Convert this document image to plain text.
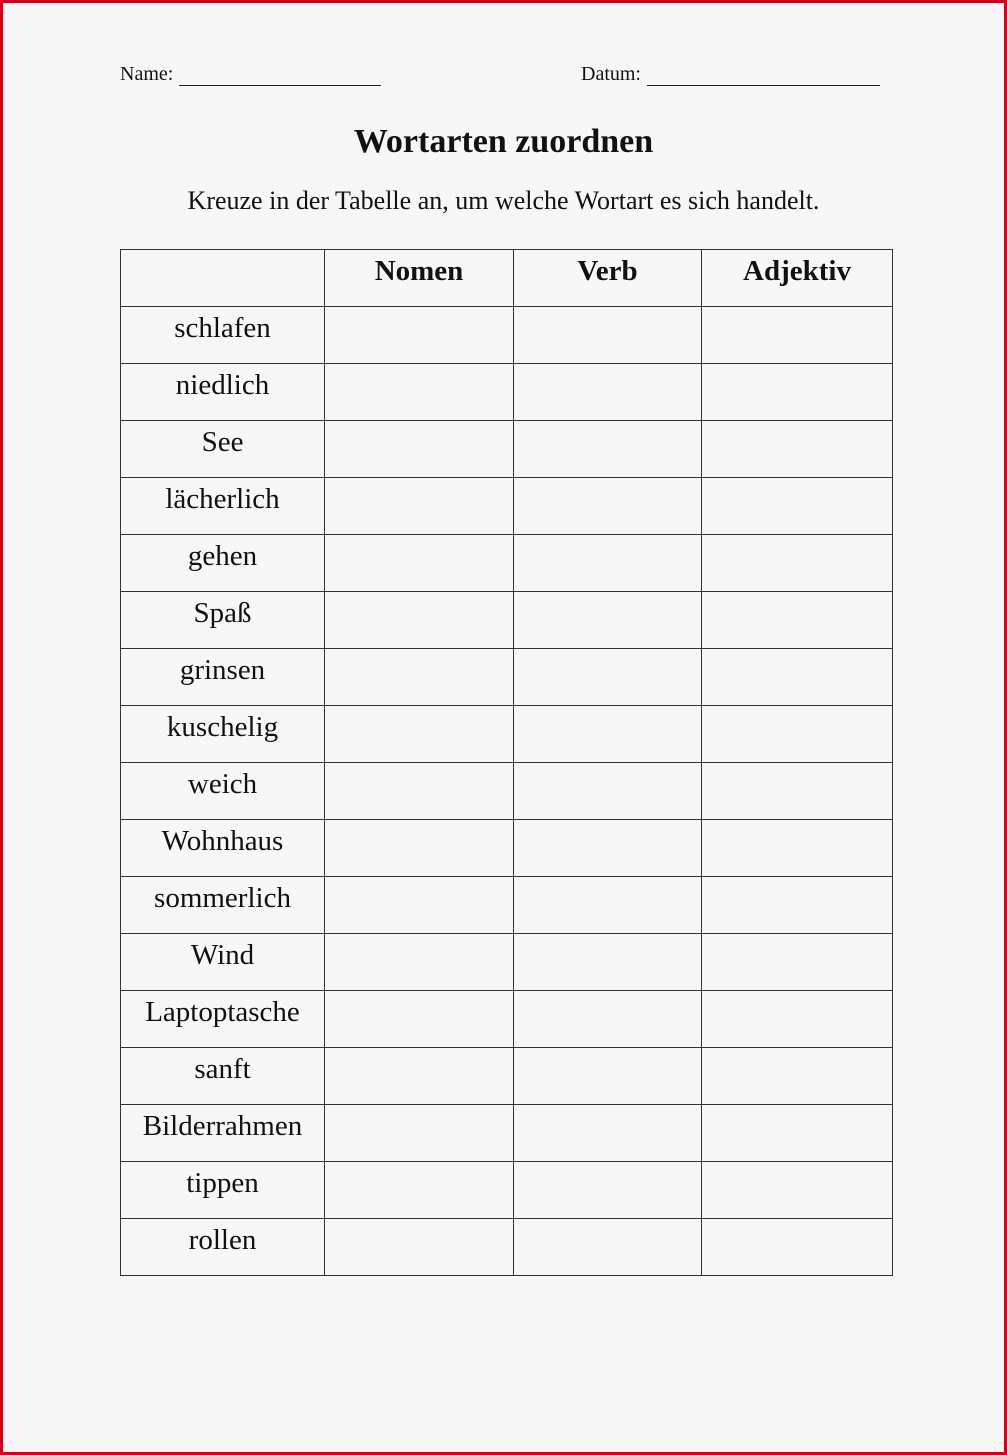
Name:	Datum:
Wortarten zuordnen
Kreuze in der Tabelle an, um welche Wortart es sich handelt.
	Nomen	Verb	Adjektiv
schlafen			
niedlich			
See			
lächerlich			
gehen			
Spaß			
grinsen			
kuschelig			
weich			
Wohnhaus			
sommerlich			
Wind			
Laptoptasche			
sanft			
Bilderrahmen			
tippen			
rollen			
